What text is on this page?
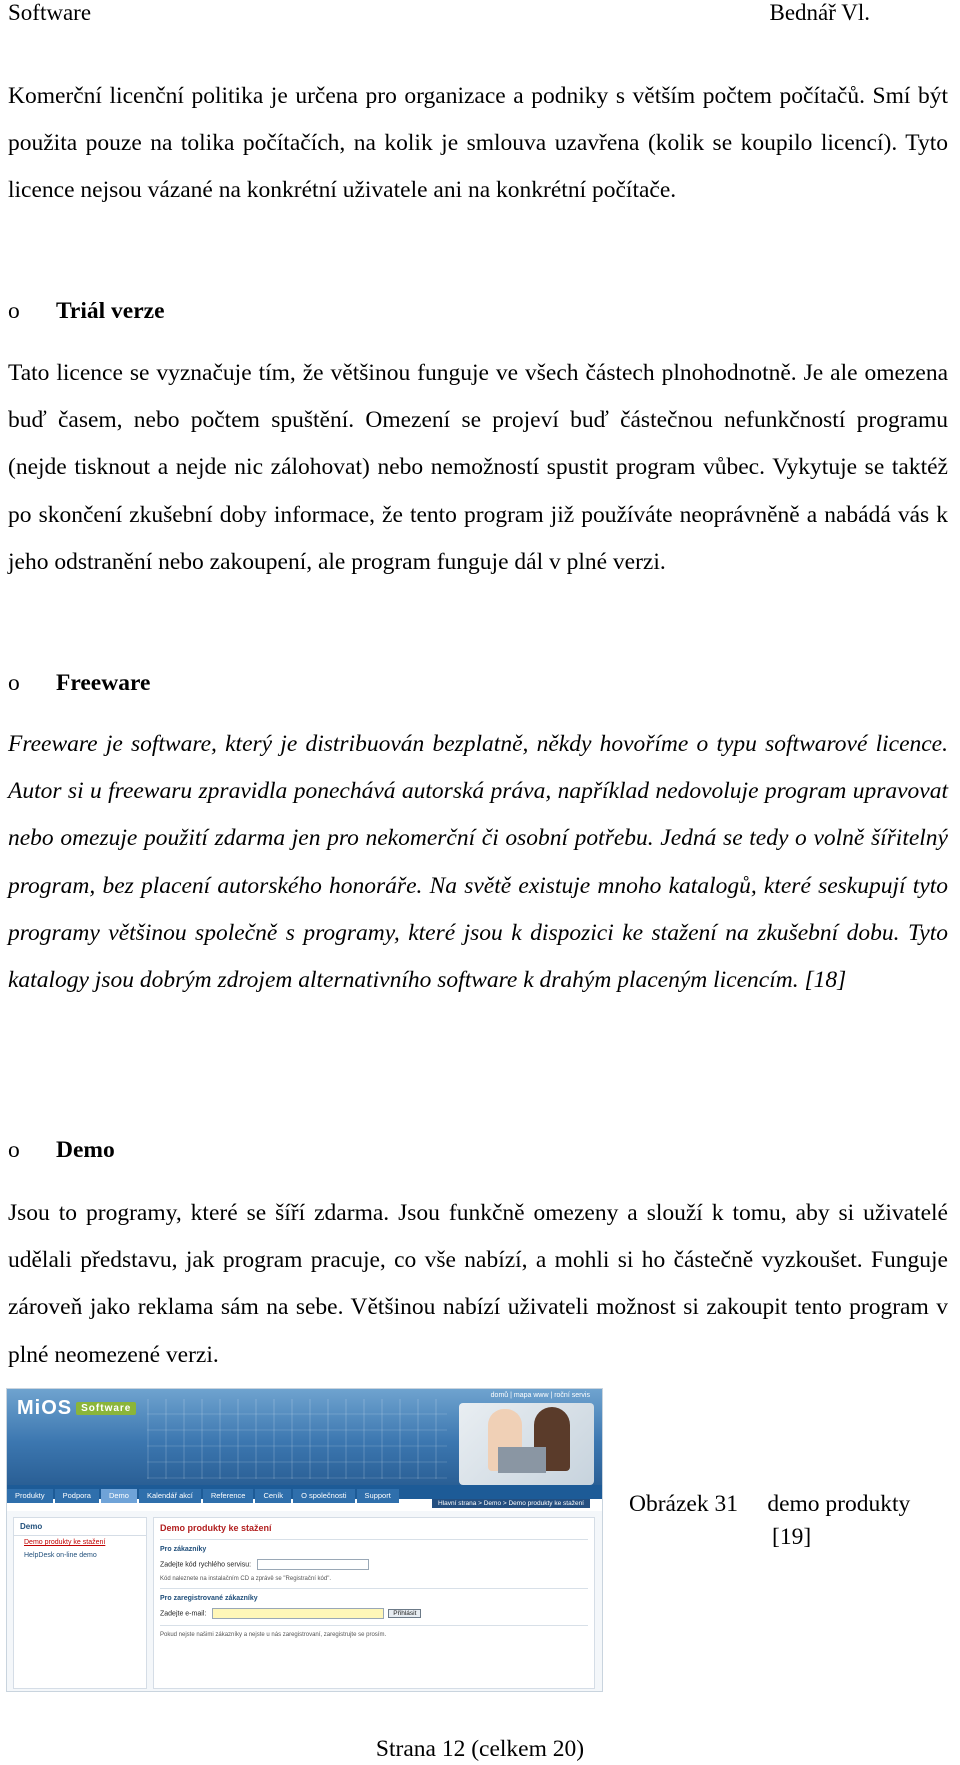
Software	Bednář Vl.

Komerční licenční politika je určena pro organizace a podniky s větším počtem počítačů. Smí být použita pouze na tolika počítačích, na kolik je smlouva uzavřena (kolik se koupilo licencí). Tyto licence nejsou vázané na konkrétní uživatele ani na konkrétní počítače.

o Triál verze

Tato licence se vyznačuje tím, že většinou funguje ve všech částech plnohodnotně. Je ale omezena buď časem, nebo počtem spuštění. Omezení se projeví buď částečnou nefunkčností programu (nejde tisknout a nejde nic zálohovat) nebo nemožností spustit program vůbec. Vykytuje se taktéž po skončení zkušební doby informace, že tento program již používáte neoprávněně a nabádá vás k jeho odstranění nebo zakoupení, ale program funguje dál v plné verzi.

o Freeware

Freeware je software, který je distribuován bezplatně, někdy hovoříme o typu softwarové licence. Autor si u freewaru zpravidla ponechává autorská práva, například nedovoluje program upravovat nebo omezuje použití zdarma jen pro nekomerční či osobní potřebu. Jedná se tedy o volně šířitelný program, bez placení autorského honoráře. Na světě existuje mnoho katalogů, které seskupují tyto programy většinou společně s programy, které jsou k dispozici ke stažení na zkušební dobu. Tyto katalogy jsou dobrým zdrojem alternativního software k drahým placeným licencím. [18]

o Demo

Jsou to programy, které se šíří zdarma. Jsou funkčně omezeny a slouží k tomu, aby si uživatelé udělali představu, jak program pracuje, co vše nabízí, a mohli si ho částečně vyzkoušet. Funguje zároveň jako reklama sám na sebe. Většinou nabízí uživateli možnost si zakoupit tento program v plné neomezené verzi.

MiOS Software
domů | mapa www | roční servis
Produkty Podpora Demo Kalendář akcí Reference Ceník O společnosti Support
Hlavní strana > Demo > Demo produkty ke stažení
Demo
Demo produkty ke stažení
HelpDesk on-line demo
Demo produkty ke stažení
Pro zákazníky
Zadejte kód rychlého servisu:
Kód naleznete na instalačním CD a zprávě se "Registrační kód".
Pro zaregistrované zákazníky
Zadejte e-mail:	Přihlásit
Pokud nejste našimi zákazníky a nejste u nás zaregistrovaní, zaregistrujte se prosím.
Obrázek 31     demo produkty
[19]
Strana 12 (celkem 20)
